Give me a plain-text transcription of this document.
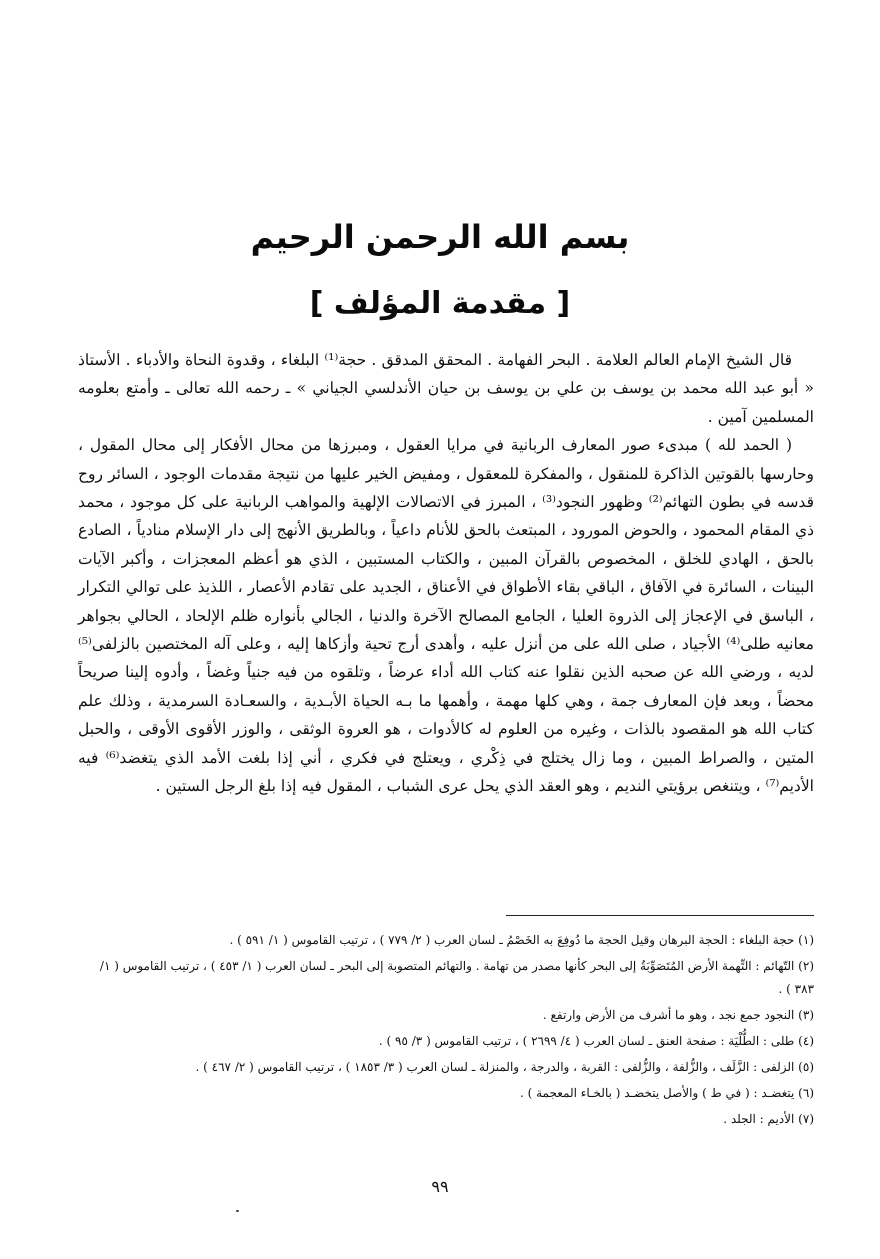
بسم الله الرحمن الرحيم
[ مقدمة المؤلف ]

قال الشيخ الإمام العالم العلامة . البحر الفهامة . المحقق المدقق . حجة⁽¹⁾ البلغاء ، وقدوة النحاة والأدباء . الأستاذ « أبو عبد الله محمد بن يوسف بن علي بن يوسف بن حيان الأندلسي الجياني » ـ رحمه الله تعالى ـ وأمتع بعلومه المسلمين آمين .

( الحمد لله ) مبدىء صور المعارف الربانية في مرايا العقول ، ومبرزها من محال الأفكار إلى محال المقول ، وحارسها بالقوتين الذاكرة للمنقول ، والمفكرة للمعقول ، ومفيض الخير عليها من نتيجة مقدمات الوجود ، السائر روح قدسه في بطون التهائم⁽²⁾ وظهور النجود⁽³⁾ ، المبرز في الاتصالات الإلهية والمواهب الربانية على كل موجود ، محمد ذي المقام المحمود ، والحوض المورود ، المبتعث بالحق للأنام داعياً ، وبالطريق الأنهج إلى دار الإسلام منادياً ، الصادع بالحق ، الهادي للخلق ، المخصوص بالقرآن المبين ، والكتاب المستبين ، الذي هو أعظم المعجزات ، وأكبر الآيات البينات ، السائرة في الآفاق ، الباقي بقاء الأطواق في الأعناق ، الجديد على تقادم الأعصار ، اللذيذ على توالي التكرار ، الباسق في الإعجاز إلى الذروة العليا ، الجامع المصالح الآخرة والدنيا ، الجالي بأنواره ظلم الإلحاد ، الحالي بجواهر معانيه طلى⁽⁴⁾ الأجياد ، صلى الله على من أنزل عليه ، وأهدى أرج تحية وأزكاها إليه ، وعلى آله المختصين بالزلفى⁽⁵⁾ لديه ، ورضي الله عن صحبه الذين نقلوا عنه كتاب الله أداء عرضاً ، وتلقوه من فيه جنياً وغضاً ، وأدوه إلينا صريحاً محضاً ، وبعد فإن المعارف جمة ، وهي كلها مهمة ، وأهمها ما بـه الحياة الأبـدية ، والسعـادة السرمدية ، وذلك علم كتاب الله هو المقصود بالذات ، وغيره من العلوم له كالأدوات ، هو العروة الوثقى ، والوزر الأقوى الأوقى ، والحبل المتين ، والصراط المبين ، وما زال يختلج في ذِكْري ، ويعتلج في فكري ، أني إذا بلغت الأمد الذي يتغضد⁽⁶⁾ فيه الأديم⁽⁷⁾ ، ويتنغص برؤيتي النديم ، وهو العقد الذي يحل عرى الشباب ، المقول فيه إذا بلغ الرجل الستين .

(١) حجة البلغاء : الحجة البرهان وقيل الحجة ما دُوفِعَ به الخَصْمُ ـ لسان العرب ( ٢/ ٧٧٩ ) ، ترتيب القاموس ( ١/ ٥٩١ ) .

(٢) التّهائم : التِّهمة الأرض المُتَصَوِّبَةُ إلى البحر كأنها مصدر من تهامة . والتهائم المتصوبة إلى البحر ـ لسان العرب ( ١/ ٤٥٣ ) ، ترتيب القاموس ( ١/ ٣٨٣ ) .

(٣) النجود جمع نجد ، وهو ما أشرف من الأرض وارتفع .

(٤) طلى : الطُّلْيَة : صفحة العنق ـ لسان العرب ( ٤/ ٢٦٩٩ ) ، ترتيب القاموس ( ٣/ ٩٥ ) .

(٥) الزلفى : الزَّلَف ، والزُّلفة ، والزُّلفى : القربة ، والدرجة ، والمنزلة ـ لسان العرب ( ٣/ ١٨٥٣ ) ، ترتيب القاموس ( ٢/ ٤٦٧ ) .

(٦) يتغضـد : ( في ط ) والأصل يتخضـد ( بالخـاء المعجمة ) .

(٧) الأديم : الجلد .

٩٩
